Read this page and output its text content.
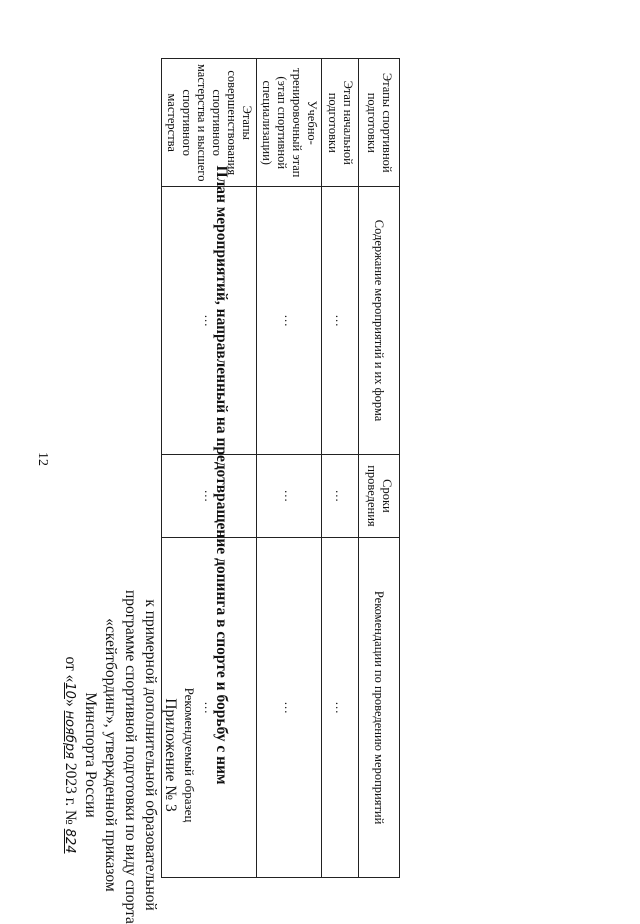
12
Приложение № 3
к примерной дополнительной образовательной
программе спортивной подготовки по виду спорта
«скейтбординг», утвержденной приказом
Минспорта России
от «10» ноября 2023 г. № 824
Рекомендуемый образец План мероприятий, направленный на предотвращение допинга в спорте и борьбу с ним
Этапы спортивной подготовки	Содержание мероприятий и их форма	Сроки проведения	Рекомендации по проведению мероприятий
Этап начальной подготовки	…	…	…
Учебно-тренировочный этап (этап спортивной специализации)	…	…	…
Этапы совершенствования спортивного мастерства и высшего спортивного мастерства	…	…	…
